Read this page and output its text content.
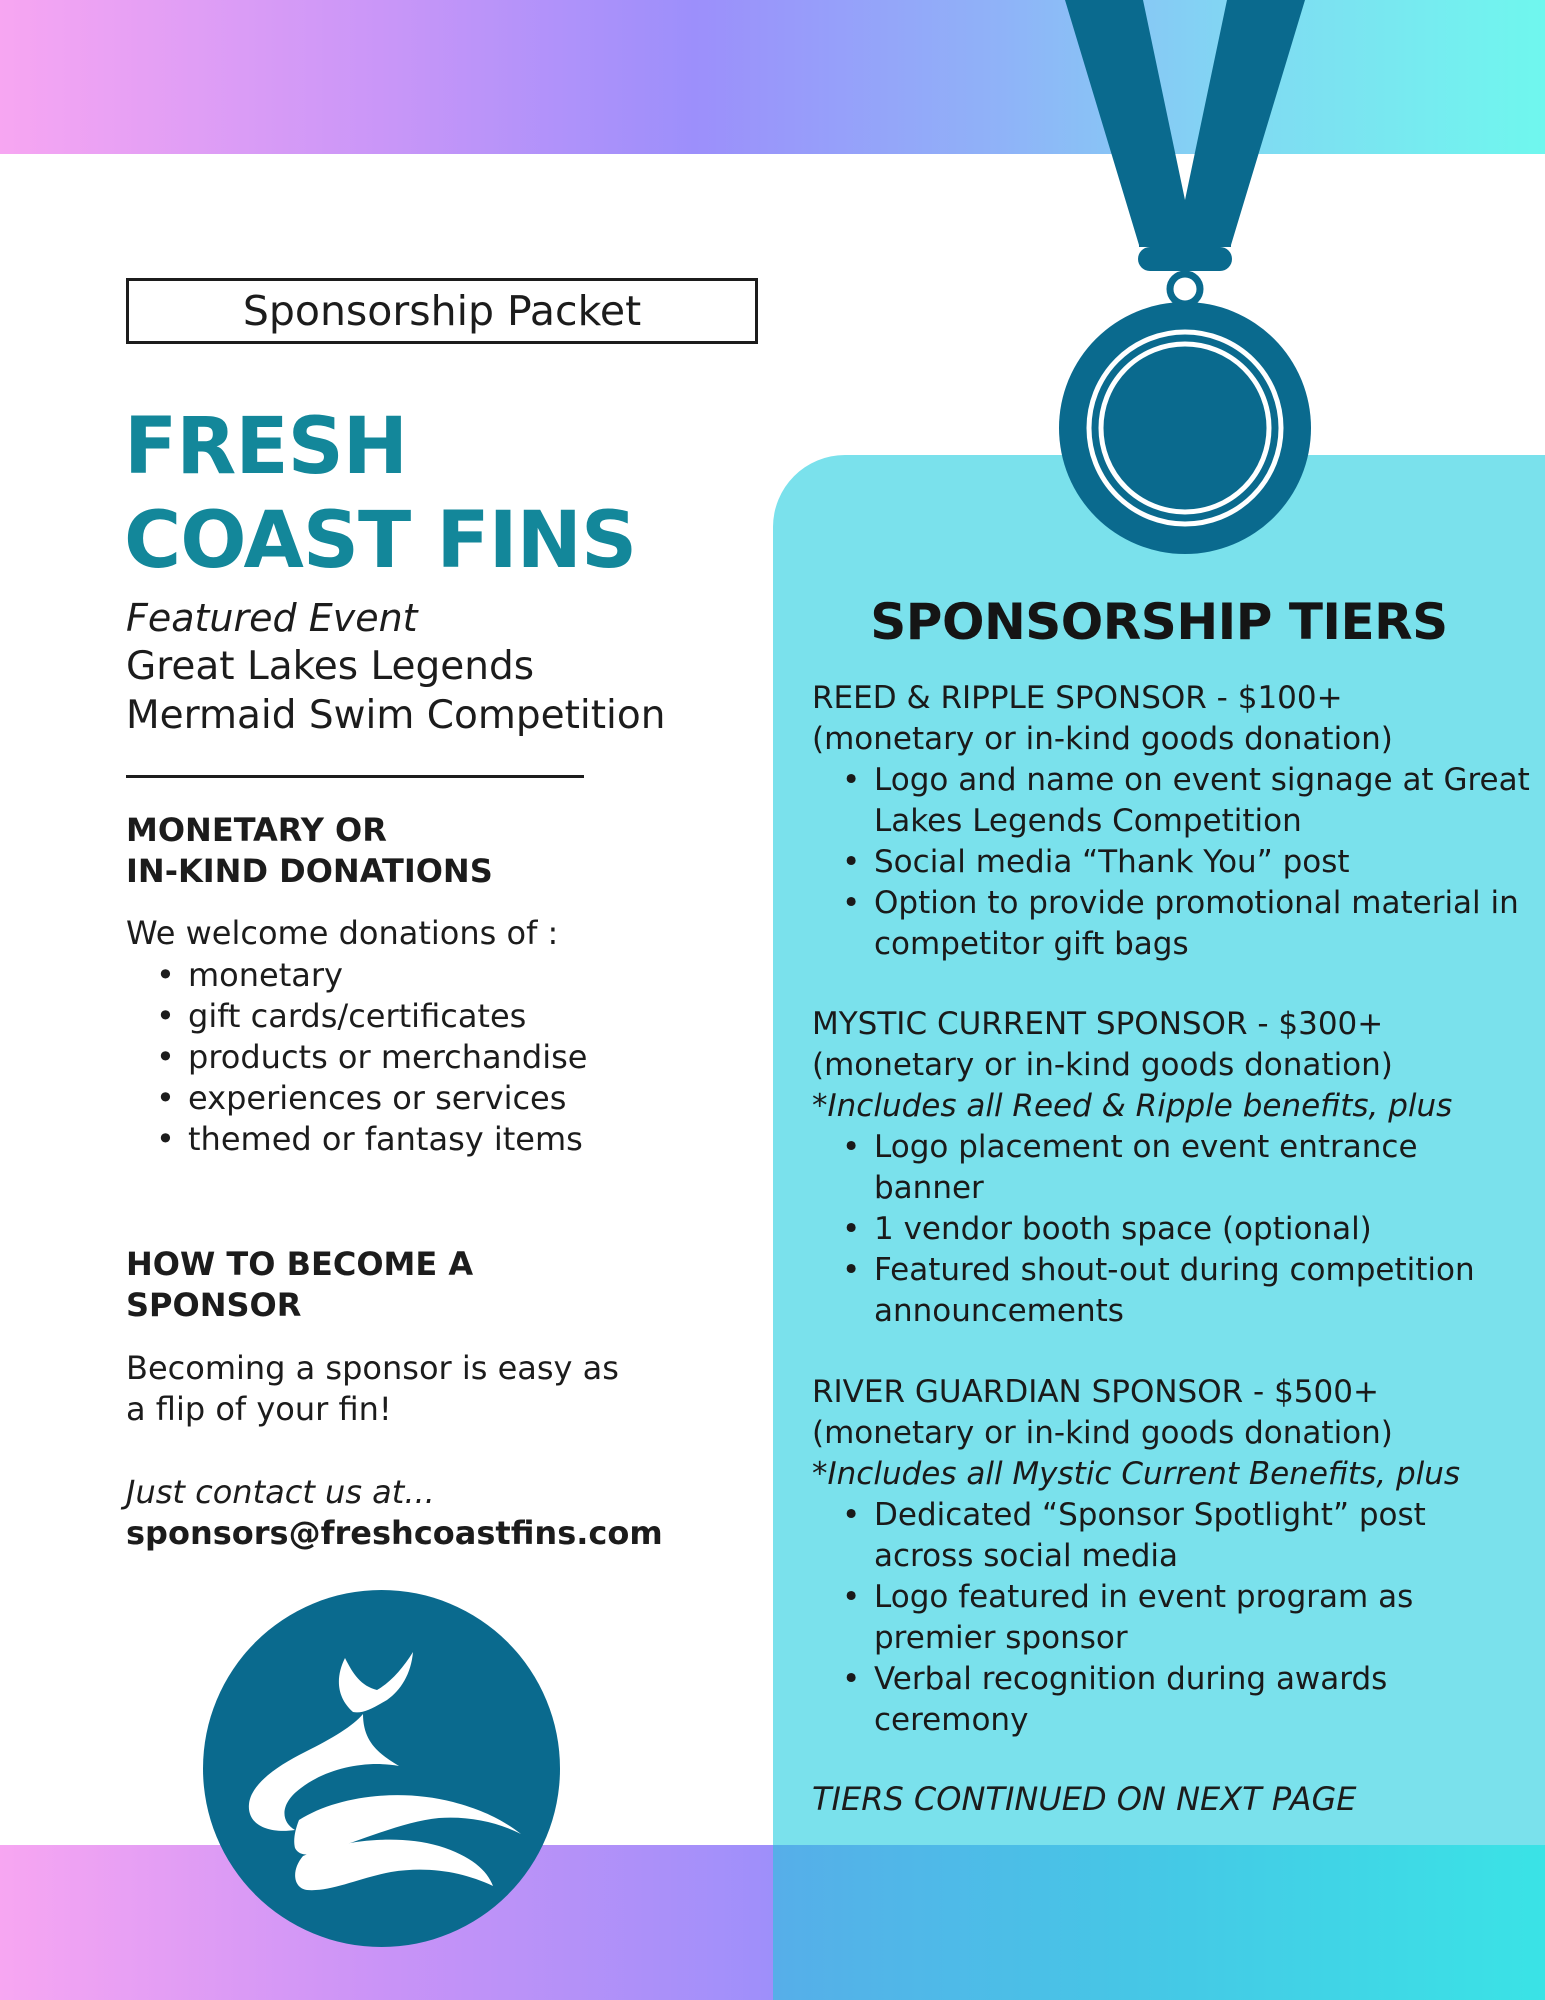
Sponsorship Packet
FRESH
COAST FINS
Featured Event
Great Lakes Legends
Mermaid Swim Competition
MONETARY OR
IN-KIND DONATIONS
We welcome donations of :
• monetary
• gift cards/certificates
• products or merchandise
• experiences or services
• themed or fantasy items
HOW TO BECOME A
SPONSOR
Becoming a sponsor is easy as
a flip of your fin!
Just contact us at...
sponsors@freshcoastfins.com
SPONSORSHIP TIERS
REED & RIPPLE SPONSOR - $100+
(monetary or in-kind goods donation)
• Logo and name on event signage at Great Lakes Legends Competition
• Social media “Thank You” post
• Option to provide promotional material in competitor gift bags
MYSTIC CURRENT SPONSOR - $300+
(monetary or in-kind goods donation)
*Includes all Reed & Ripple benefits, plus
• Logo placement on event entrance banner
• 1 vendor booth space (optional)
• Featured shout-out during competition announcements
RIVER GUARDIAN SPONSOR - $500+
(monetary or in-kind goods donation)
*Includes all Mystic Current Benefits, plus
• Dedicated “Sponsor Spotlight” post across social media
• Logo featured in event program as premier sponsor
• Verbal recognition during awards ceremony
TIERS CONTINUED ON NEXT PAGE
